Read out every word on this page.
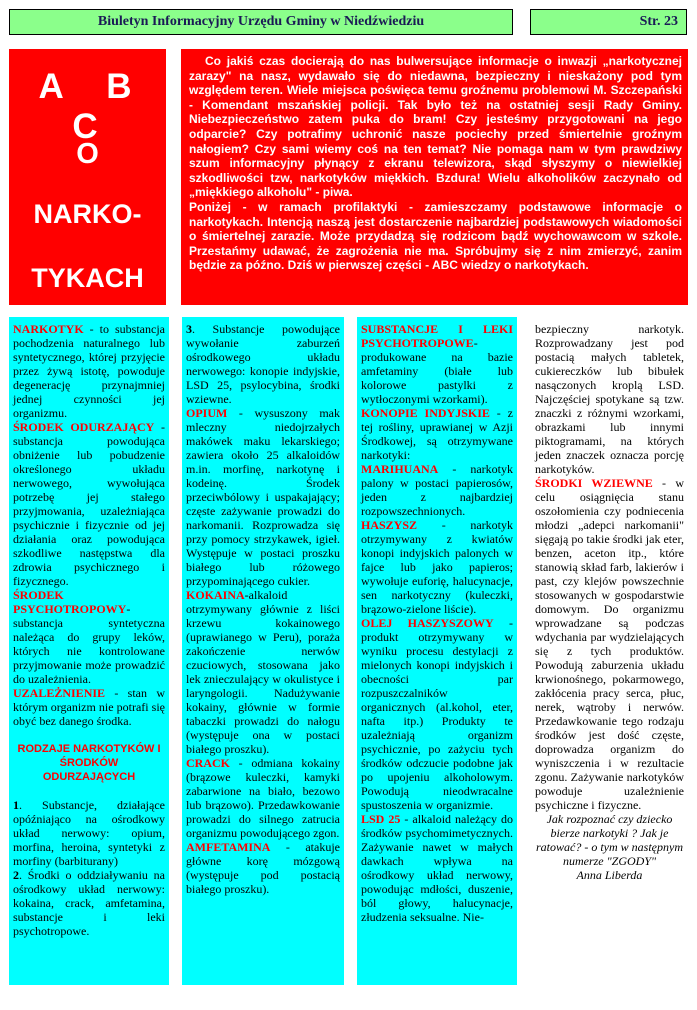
Biuletyn Informacyjny Urzędu Gminy w Niedźwiedziu	Str. 23
A B C
O
NARKO-
TYKACH

Co jakiś czas docierają do nas bulwersujące informacje o inwazji „narkotycznej zarazy" na nasz, wydawało się do niedawna, bezpieczny i nieskażony pod tym względem teren. Wiele miejsca poświęca temu groźnemu problemowi M. Szczepański - Komendant mszańskiej policji. Tak było też na ostatniej sesji Rady Gminy. Niebezpieczeństwo zatem puka do bram! Czy jesteśmy przygotowani na jego odparcie? Czy potrafimy uchronić nasze pociechy przed śmiertelnie groźnym nałogiem? Czy sami wiemy coś na ten temat? Nie pomaga nam w tym prawdziwy szum informacyjny płynący z ekranu telewizora, skąd słyszymy o niewielkiej szkodliwości tzw, narkotyków miękkich. Bzdura! Wielu alkoholików zaczynało od „miękkiego alkoholu" - piwa.

Poniżej - w ramach profilaktyki - zamieszczamy podstawowe informacje o narkotykach. Intencją naszą jest dostarczenie najbardziej podstawowych wiadomości o śmiertelnej zarazie. Może przydadzą się rodzicom bądź wychowawcom w szkole. Przestańmy udawać, że zagrożenia nie ma. Spróbujmy się z nim zmierzyć, zanim będzie za późno. Dziś w pierwszej części - ABC wiedzy o narkotykach.

NARKOTYK - to substancja pochodzenia naturalnego lub syntetycznego, której przyjęcie przez żywą istotę, powoduje degenerację przynajmniej jednej czynności jej organizmu.

ŚRODEK ODURZAJĄCY - substancja powodująca obniżenie lub pobudzenie określonego układu nerwowego, wywołująca potrzebę jej stałego przyjmowania, uzależniająca psychicznie i fizycznie od jej działania oraz powodująca szkodliwe następstwa dla zdrowia psychicznego i fizycznego.

ŚRODEK PSYCHOTROPOWY- substancja syntetyczna należąca do grupy leków, których nie kontrolowane przyjmowanie może prowadzić do uzależnienia.

UZALEŻNIENIE - stan w którym organizm nie potrafi się obyć bez danego środka.

RODZAJE NARKOTYKÓW I ŚRODKÓW ODURZAJĄCYCH

1. Substancje, działające opóźniająco na ośrodkowy układ nerwowy: opium, morfina, heroina, syntetyki z morfiny (barbiturany)

2. Środki o oddziaływaniu na ośrodkowy układ nerwowy: kokaina, crack, amfetamina, substancje i leki psychotropowe.

3. Substancje powodujące wywołanie zaburzeń ośrodkowego układu nerwowego: konopie indyjskie, LSD 25, psylocybina, środki wziewne.

OPIUM - wysuszony mak mleczny niedojrzałych makówek maku lekarskiego; zawiera około 25 alkaloidów m.in. morfinę, narkotynę i kodeinę. Środek przeciwbólowy i uspakajający; częste zażywanie prowadzi do narkomanii. Rozprowadza się przy pomocy strzykawek, igieł. Występuje w postaci proszku białego lub różowego przypominającego cukier.

KOKAINA-alkaloid otrzymywany głównie z liści krzewu kokainowego (uprawianego w Peru), poraża zakończenie nerwów czuciowych, stosowana jako lek znieczulający w okulistyce i laryngologii. Nadużywanie kokainy, głównie w formie tabaczki prowadzi do nałogu (występuje ona w postaci białego proszku).

CRACK - odmiana kokainy (brązowe kuleczki, kamyki zabarwione na biało, bezowo lub brązowo). Przedawkowanie prowadzi do silnego zatrucia organizmu powodującego zgon.

AMFETAMINA - atakuje główne korę mózgową (występuje pod postacią białego proszku).

SUBSTANCJE I LEKI PSYCHOTROPOWE- produkowane na bazie amfetaminy (białe lub kolorowe pastylki z wytłoczonymi wzorkami).

KONOPIE INDYJSKIE - z tej rośliny, uprawianej w Azji Środkowej, są otrzymywane narkotyki:

MARIHUANA - narkotyk palony w postaci papierosów, jeden z najbardziej rozpowszechnionych.

HASZYSZ - narkotyk otrzymywany z kwiatów konopi indyjskich palonych w fajce lub jako papieros; wywołuje euforię, halucynacje, sen narkotyczny (kuleczki, brązowo-zielone liście).

OLEJ HASZYSZOWY - produkt otrzymywany w wyniku procesu destylacji z mielonych konopi indyjskich i obecności par rozpuszczalników organicznych (al.kohol, eter, nafta itp.) Produkty te uzależniają organizm psychicznie, po zażyciu tych środków odczucie podobne jak po upojeniu alkoholowym. Powodują nieodwracalne spustoszenia w organizmie.

LSD 25 - alkaloid należący do środków psychomimetycznych. Zażywanie nawet w małych dawkach wpływa na ośrodkowy układ nerwowy, powodując mdłości, duszenie, ból głowy, halucynacje, złudzenia seksualne. Nie-

bezpieczny narkotyk. Rozprowadzany jest pod postacią małych tabletek, cukiereczków lub bibułek nasączonych kroplą LSD. Najczęściej spotykane są tzw. znaczki z różnymi wzorkami, obrazkami lub innymi piktogramami, na których jeden znaczek oznacza porcję narkotyków.

ŚRODKI WZIEWNE - w celu osiągnięcia stanu oszołomienia czy podniecenia młodzi „adepci narkomanii" sięgają po takie środki jak eter, benzen, aceton itp., które stanowią skład farb, lakierów i past, czy klejów powszechnie stosowanych w gospodarstwie domowym. Do organizmu wprowadzane są podczas wdychania par wydzielających się z tych produktów. Powodują zaburzenia układu krwionośnego, pokarmowego, zakłócenia pracy serca, płuc, nerek, wątroby i nerwów. Przedawkowanie tego rodzaju środków jest dość częste, doprowadza organizm do wyniszczenia i w rezultacie zgonu. Zażywanie narkotyków powoduje uzależnienie psychiczne i fizyczne.

Jak rozpoznać czy dziecko bierze narkotyki ? Jak je ratować? - o tym w następnym numerze "ZGODY"

Anna Liberda
